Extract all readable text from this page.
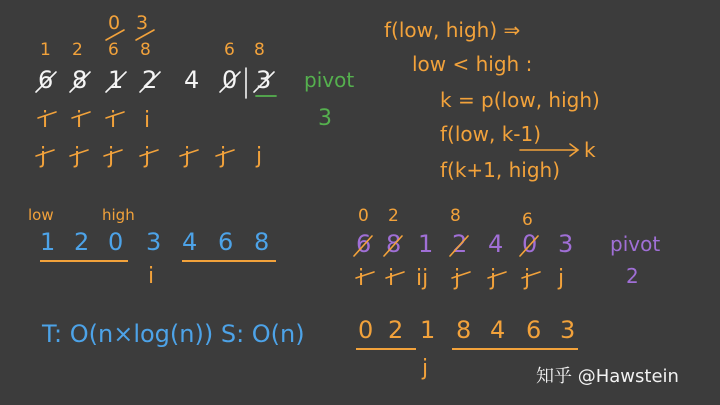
0 3
1 2 6 8	6 8
6 8 1 2 4 0 3 pivot
3
i i i i
j j j j j j j
f(low, high) ⇒
low < high :
k = p(low, high)
f(low, k-1)
f(k+1, high)
k
low	high
1 2 0 3 4 6 8
i
T: O(n×log(n)) S: O(n)
0 2	8	6
6 8 1 2 4 0 3 pivot
2
i i ij j j j j
0 2 1 8 4 6 3
j	知乎 @Hawstein
